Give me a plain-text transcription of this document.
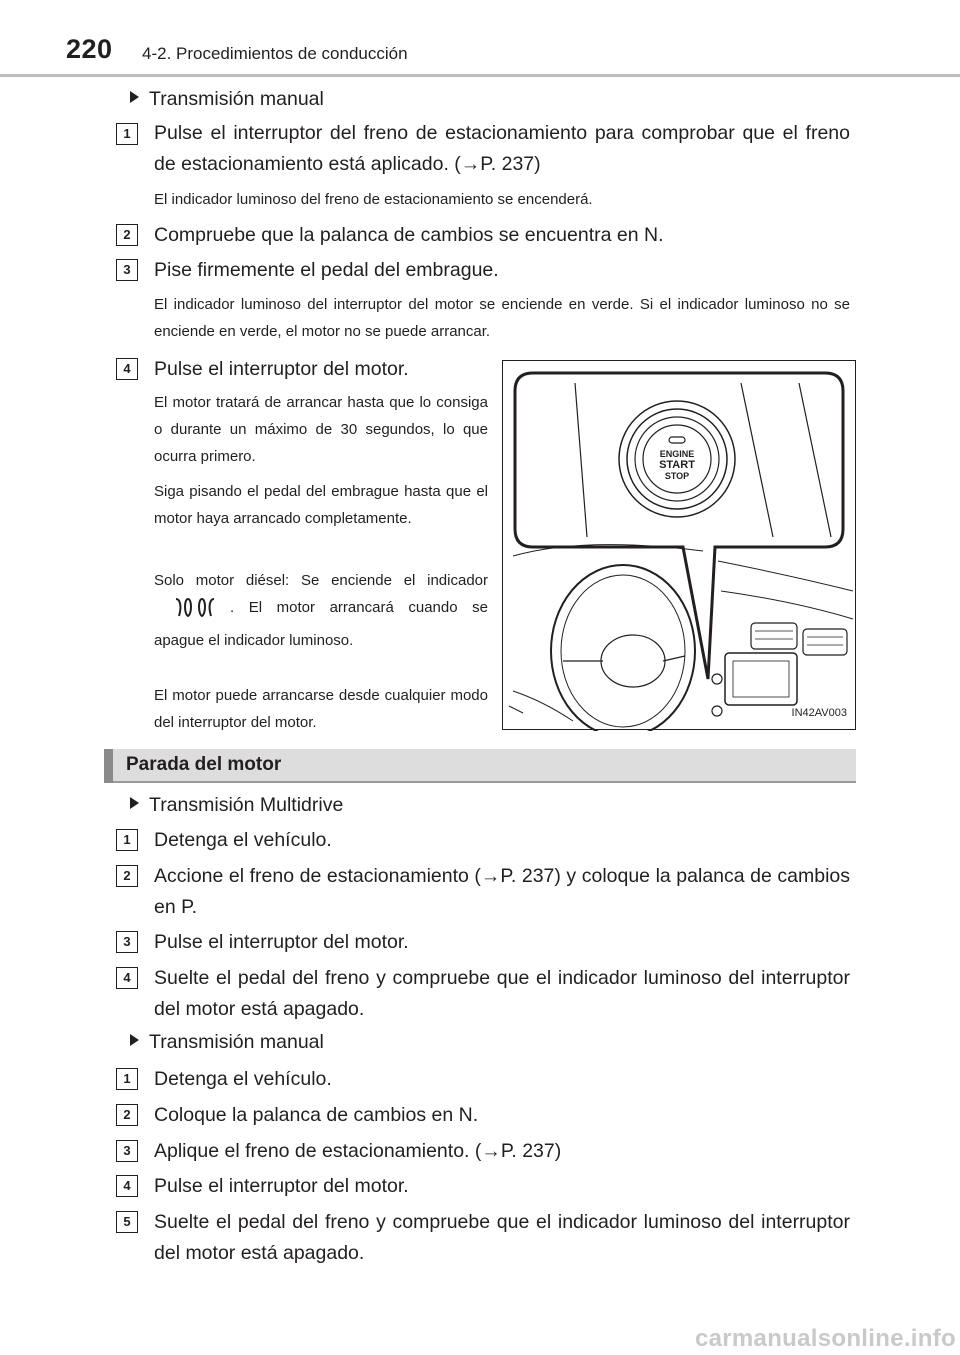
220 4-2. Procedimientos de conducción
Transmisión manual
1	Pulse el interruptor del freno de estacionamiento para comprobar que el freno de estacionamiento está aplicado. (→P. 237)
El indicador luminoso del freno de estacionamiento se encenderá.
2	Compruebe que la palanca de cambios se encuentra en N.
3	Pise firmemente el pedal del embrague.
El indicador luminoso del interruptor del motor se enciende en verde. Si el indicador luminoso no se enciende en verde, el motor no se puede arrancar.
4	Pulse el interruptor del motor.
El motor tratará de arrancar hasta que lo consiga o durante un máximo de 30 segundos, lo que ocurra primero.
Siga pisando el pedal del embrague hasta que el motor haya arrancado completamente.
Solo motor diésel: Se enciende el indicador. El motor arrancará cuando se apague el indicador luminoso.
El motor puede arrancarse desde cualquier modo del interruptor del motor.
ENGINE
START
STOP
IN42AV003
Parada del motor
Transmisión Multidrive
1	Detenga el vehículo.
2	Accione el freno de estacionamiento (→P. 237) y coloque la palanca de cambios en P.
3	Pulse el interruptor del motor.
4	Suelte el pedal del freno y compruebe que el indicador luminoso del interruptor del motor está apagado.
Transmisión manual
1	Detenga el vehículo.
2	Coloque la palanca de cambios en N.
3	Aplique el freno de estacionamiento. (→P. 237)
4	Pulse el interruptor del motor.
5	Suelte el pedal del freno y compruebe que el indicador luminoso del interruptor del motor está apagado.
carmanualsonline.info
